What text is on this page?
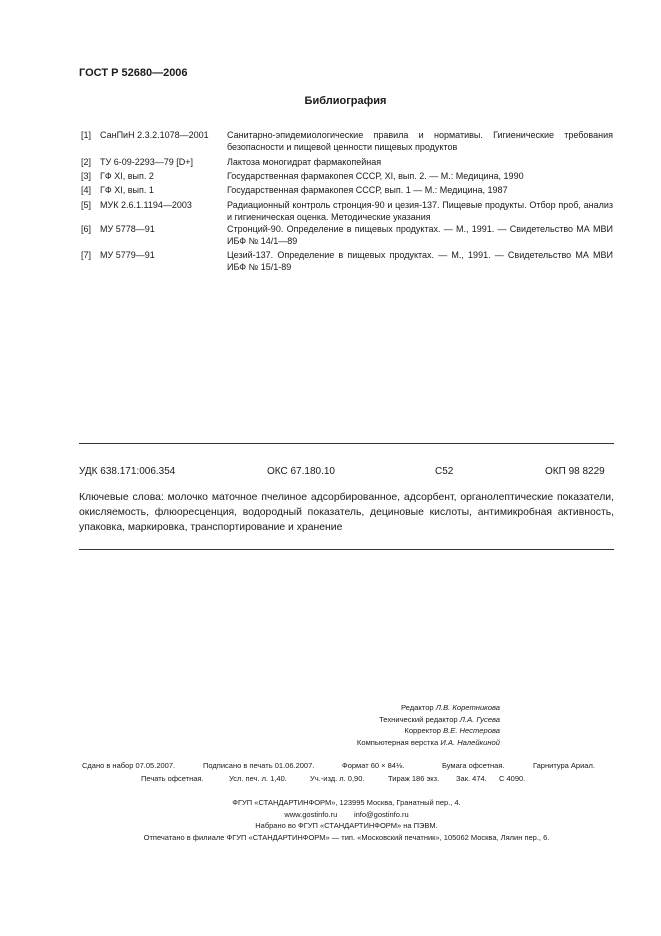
ГОСТ Р 52680—2006
Библиография
[1] СанПиН 2.3.2.1078—2001	Санитарно-эпидемиологические правила и нормативы. Гигиенические требования безопасности и пищевой ценности пищевых продуктов
[2] ТУ 6-09-2293—79 [D+]	Лактоза моногидрат фармакопейная
[3] ГФ XI, вып. 2	Государственная фармакопея СССР, XI, вып. 2. — М.: Медицина, 1990
[4] ГФ XI, вып. 1	Государственная фармакопея СССР, вып. 1 — М.: Медицина, 1987
[5] МУК 2.6.1.1194—2003	Радиационный контроль стронция-90 и цезия-137. Пищевые продукты. Отбор проб, анализ и гигиеническая оценка. Методические указания
[6] МУ 5778—91	Стронций-90. Определение в пищевых продуктах. — М., 1991. — Свидетельство МА МВИ ИБФ № 14/1—89
[7] МУ 5779—91	Цезий-137. Определение в пищевых продуктах. — М., 1991. — Свидетельство МА МВИ ИБФ № 15/1-89
УДК 638.171:006.354	ОКС 67.180.10	С52	ОКП 98 8229
Ключевые слова: молочко маточное пчелиное адсорбированное, адсорбент, органолептические показатели, окисляемость, флюоресценция, водородный показатель, дециновые кислоты, антимикробная активность, упаковка, маркировка, транспортирование и хранение
Редактор Л.В. Коретникова
Технический редактор Л.А. Гусева
Корректор В.Е. Нестерова
Компьютерная верстка И.А. Налейкиной
Сдано в набор 07.05.2007.	Подписано в печать 01.06.2007.	Формат 60 × 84⅛.	Бумага офсетная.	Гарнитура Ариал.
Печать офсетная.	Усл. печ. л. 1,40.	Уч.-изд. л. 0,90.	Тираж 186 экз. Зак. 474. С 4090.
ФГУП «СТАНДАРТИНФОРМ», 123995 Москва, Гранатный пер., 4.
www.gostinfo.ru        info@gostinfo.ru
Набрано во ФГУП «СТАНДАРТИНФОРМ» на ПЭВМ.
Отпечатано в филиале ФГУП «СТАНДАРТИНФОРМ» — тип. «Московский печатник», 105062 Москва, Лялин пер., 6.
